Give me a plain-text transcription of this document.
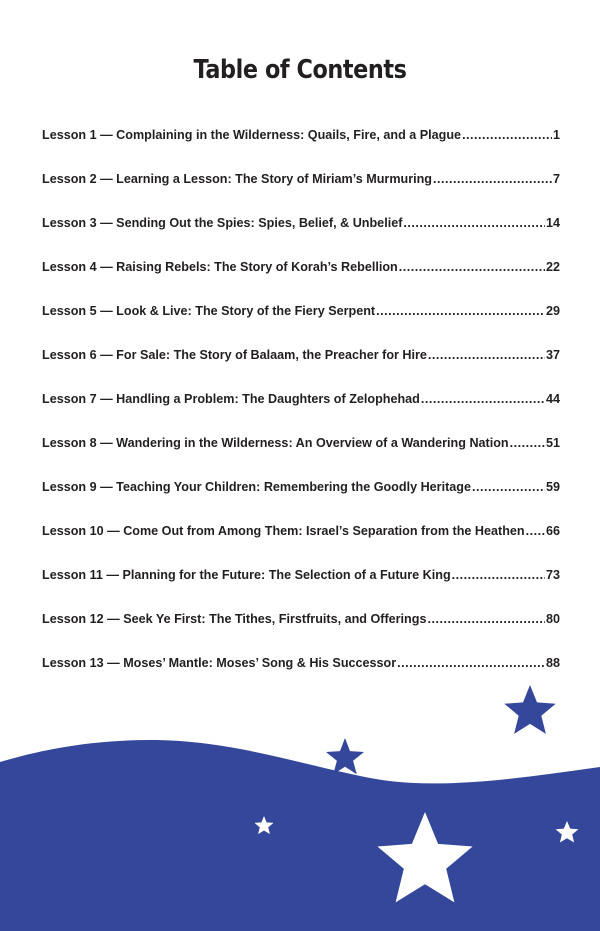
Table of Contents
Lesson 1 — Complaining in the Wilderness: Quails, Fire, and a Plague .....	1
Lesson 2 — Learning a Lesson: The Story of Miriam’s Murmuring .....	7
Lesson 3 — Sending Out the Spies: Spies, Belief, & Unbelief .....	14
Lesson 4 — Raising Rebels: The Story of Korah’s Rebellion .....	22
Lesson 5 — Look & Live: The Story of the Fiery Serpent .....	29
Lesson 6 — For Sale: The Story of Balaam, the Preacher for Hire .....	37
Lesson 7 — Handling a Problem: The Daughters of Zelophehad .....	44
Lesson 8 — Wandering in the Wilderness: An Overview of a Wandering Nation .....	51
Lesson 9 — Teaching Your Children: Remembering the Goodly Heritage .....	59
Lesson 10 — Come Out from Among Them: Israel’s Separation from the Heathen ..... 66
Lesson 11 — Planning for the Future: The Selection of a Future King .....	73
Lesson 12 — Seek Ye First: The Tithes, Firstfruits, and Offerings .....	80
Lesson 13 — Moses’ Mantle: Moses’ Song & His Successor .....	88
